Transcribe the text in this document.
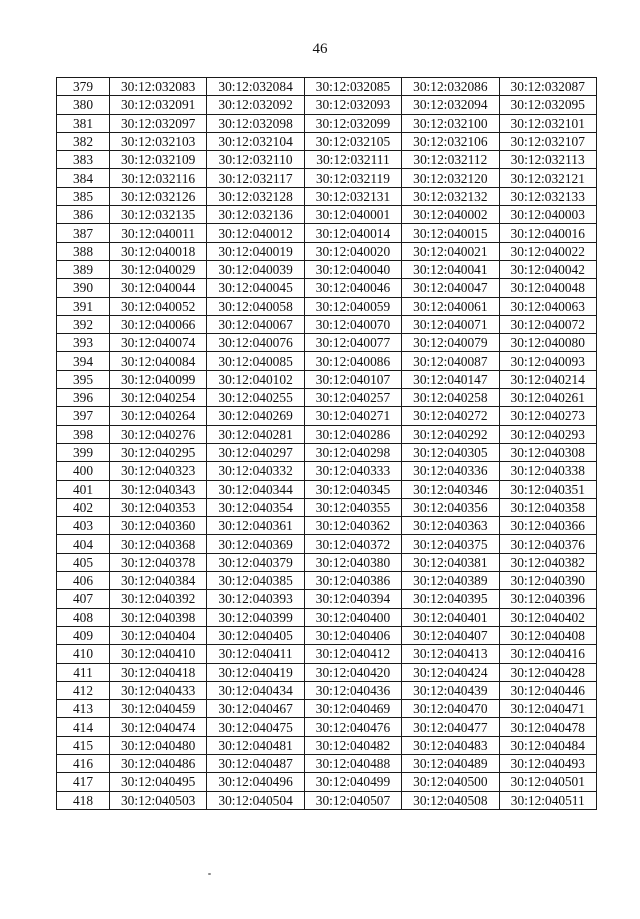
46
379	30:12:032083	30:12:032084	30:12:032085	30:12:032086	30:12:032087
380	30:12:032091	30:12:032092	30:12:032093	30:12:032094	30:12:032095
381	30:12:032097	30:12:032098	30:12:032099	30:12:032100	30:12:032101
382	30:12:032103	30:12:032104	30:12:032105	30:12:032106	30:12:032107
383	30:12:032109	30:12:032110	30:12:032111	30:12:032112	30:12:032113
384	30:12:032116	30:12:032117	30:12:032119	30:12:032120	30:12:032121
385	30:12:032126	30:12:032128	30:12:032131	30:12:032132	30:12:032133
386	30:12:032135	30:12:032136	30:12:040001	30:12:040002	30:12:040003
387	30:12:040011	30:12:040012	30:12:040014	30:12:040015	30:12:040016
388	30:12:040018	30:12:040019	30:12:040020	30:12:040021	30:12:040022
389	30:12:040029	30:12:040039	30:12:040040	30:12:040041	30:12:040042
390	30:12:040044	30:12:040045	30:12:040046	30:12:040047	30:12:040048
391	30:12:040052	30:12:040058	30:12:040059	30:12:040061	30:12:040063
392	30:12:040066	30:12:040067	30:12:040070	30:12:040071	30:12:040072
393	30:12:040074	30:12:040076	30:12:040077	30:12:040079	30:12:040080
394	30:12:040084	30:12:040085	30:12:040086	30:12:040087	30:12:040093
395	30:12:040099	30:12:040102	30:12:040107	30:12:040147	30:12:040214
396	30:12:040254	30:12:040255	30:12:040257	30:12:040258	30:12:040261
397	30:12:040264	30:12:040269	30:12:040271	30:12:040272	30:12:040273
398	30:12:040276	30:12:040281	30:12:040286	30:12:040292	30:12:040293
399	30:12:040295	30:12:040297	30:12:040298	30:12:040305	30:12:040308
400	30:12:040323	30:12:040332	30:12:040333	30:12:040336	30:12:040338
401	30:12:040343	30:12:040344	30:12:040345	30:12:040346	30:12:040351
402	30:12:040353	30:12:040354	30:12:040355	30:12:040356	30:12:040358
403	30:12:040360	30:12:040361	30:12:040362	30:12:040363	30:12:040366
404	30:12:040368	30:12:040369	30:12:040372	30:12:040375	30:12:040376
405	30:12:040378	30:12:040379	30:12:040380	30:12:040381	30:12:040382
406	30:12:040384	30:12:040385	30:12:040386	30:12:040389	30:12:040390
407	30:12:040392	30:12:040393	30:12:040394	30:12:040395	30:12:040396
408	30:12:040398	30:12:040399	30:12:040400	30:12:040401	30:12:040402
409	30:12:040404	30:12:040405	30:12:040406	30:12:040407	30:12:040408
410	30:12:040410	30:12:040411	30:12:040412	30:12:040413	30:12:040416
411	30:12:040418	30:12:040419	30:12:040420	30:12:040424	30:12:040428
412	30:12:040433	30:12:040434	30:12:040436	30:12:040439	30:12:040446
413	30:12:040459	30:12:040467	30:12:040469	30:12:040470	30:12:040471
414	30:12:040474	30:12:040475	30:12:040476	30:12:040477	30:12:040478
415	30:12:040480	30:12:040481	30:12:040482	30:12:040483	30:12:040484
416	30:12:040486	30:12:040487	30:12:040488	30:12:040489	30:12:040493
417	30:12:040495	30:12:040496	30:12:040499	30:12:040500	30:12:040501
418	30:12:040503	30:12:040504	30:12:040507	30:12:040508	30:12:040511
